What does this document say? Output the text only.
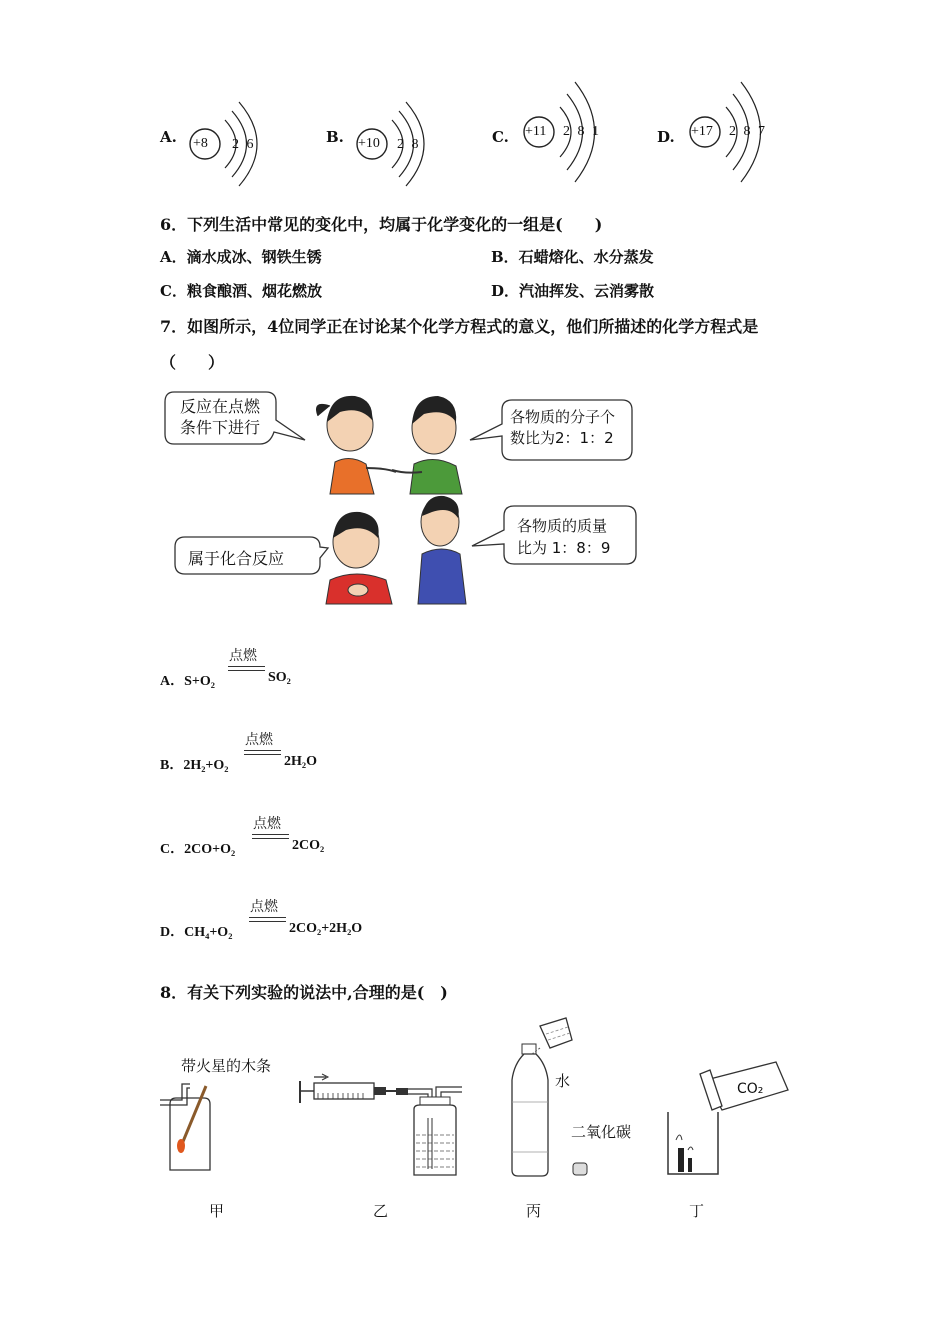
A. +8 2 6	B. +10 2 8	C. +11 2 8 1	D. +17 2 8 7
6．下列生活中常见的变化中，均属于化学变化的一组是(　　)
A．滴水成冰、钢铁生锈	B．石蜡熔化、水分蒸发
C．粮食酿酒、烟花燃放	D．汽油挥发、云消雾散
7．如图所示，4位同学正在讨论某个化学方程式的意义，他们所描述的化学方程式是
（　　）
反应在点燃
条件下进行
各物质的分子个
数比为2：1：2
属于化合反应
各物质的质量
比为 1：8：9
点燃
A．S+O₂	SO₂
点燃
B．2H₂+O₂	2H₂O
点燃
C．2CO+O₂	2CO₂
点燃
D．CH₄+O₂	2CO₂+2H₂O
8．有关下列实验的说法中,合理的是(　)
带火星的木条
甲	乙
水
二氧化碳
丙
CO₂
丁
